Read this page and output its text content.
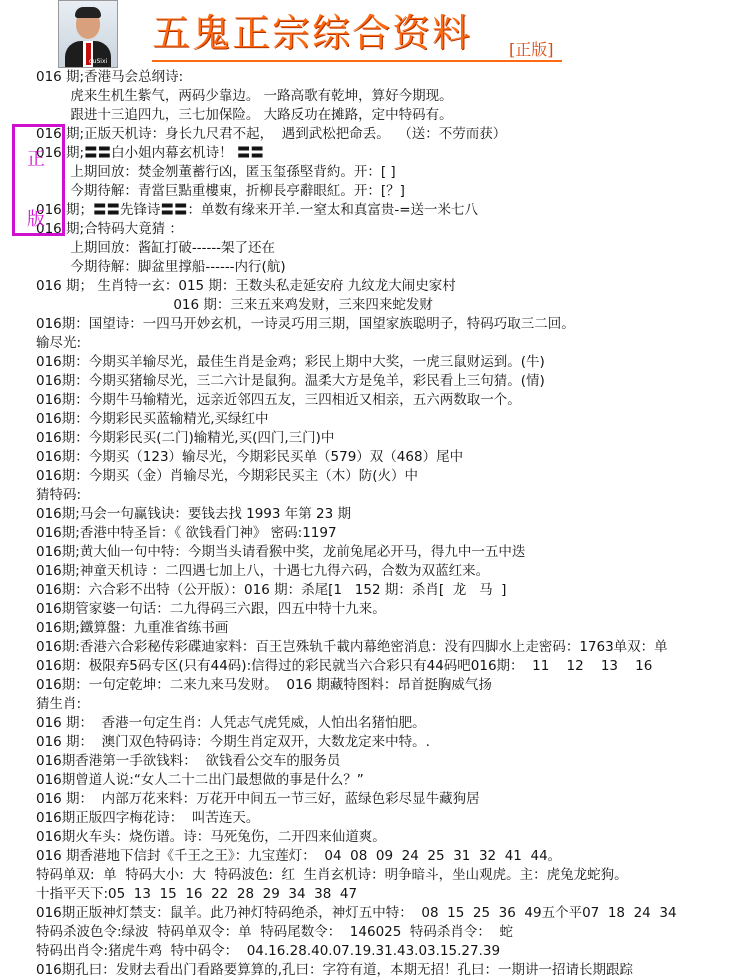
ouSixi
五鬼正宗综合资料 [正版]
016 期;香港马会总纲诗:
虎来生机生紫气，两码少靠边。 一路高歌有乾坤，算好今期现。
跟进十三追四九，三七加保险。 大路反功在摊路，定中特码有。
016 期;正版天机诗：身长九尺君不起，  遇到武松把命丢。  （送：不劳而获）
016 期;〓〓白小姐内幕玄机诗！ 〓〓
上期回放：焚金刎董蓄行凶，匿玉玺孫堅背約。开：[ ]
今期待解：青當巨點重樓東，折柳長亭辭眼紅。开：[？]
016 期；〓〓先锋诗〓〓：单数有缘来开羊.一窒太和真富贵-=送一米七八
016 期;合特码大竟猜 ：
上期回放：酱缸打破------架了还在
今期待解：脚盆里撑船------内行(航)
016 期； 生肖特一玄：015 期：王数头私走延安府 九纹龙大闹史家村
016 期：三来五来鸡发财，三来四来蛇发财
016期：国望诗：一四马开妙玄机，一诗灵巧用三期，国望家族聪明子，特码巧取三二回。
输尽光:
016期：今期买羊输尽光，最佳生肖是金鸡；彩民上期中大奖，一虎三鼠财运到。(牛)
016期：今期买猪输尽光，三二六计是鼠狗。温柔大方是兔羊，彩民看上三句猜。(情)
016期：今期牛马输精光，远亲近邻四五友，三四相近又相亲，五六两数取一个。
016期：今期彩民买蓝输精光,买绿红中
016期：今期彩民买(二门)输精光,买(四门,三门)中
016期：今期买（123）输尽光，今期彩民买单（579）双（468）尾中
016期：今期买（金）肖输尽光，今期彩民买主（木）防(火）中
猜特码:
016期;马会一句赢钱诀：要钱去找 1993 年第 23 期
016期;香港中特圣旨：《 欲钱看门神》 密码:1197
016期;黄大仙一句中特：今期当头请看猴中奖，龙前兔尾必开马，得九中一五中迭
016期;神童天机诗 ：二四遇七加上八，十遇七九得六码，合数为双蓝红来。
016期：六合彩不出特（公开版）：016 期：杀尾[1   152 期：杀肖[  龙   马  ]
016期管家婆一句话：二九得码三六跟，四五中特十九来。
016期;鐵算盤：九重准省练书画
016期:香港六合彩秘传彩碟迪家料：百王岂殊轨千載内幕绝密消息：没有四脚水上走密码：1763单双：单
016期：极限弃5码专区(只有44码):信得过的彩民就当六合彩只有44码吧016期：  11    12    13    16
016期：一句定乾坤：二来九来马发财。  016 期藏特图料：昂首挺胸威气扬
猜生肖:
016 期：  香港一句定生肖：人凭志气虎凭威，人怕出名猪怕肥。
016 期：  澳门双色特码诗：今期生肖定双开，大数龙定来中特。.
016期香港第一手欲钱料：  欲钱看公交车的服务员
016期曾道人说:“女人二十二出门最想做的事是什么？”
016 期：  内部万花来料：万花开中间五一节三好，蓝绿色彩尽显牛藏狗居
016期正版四字梅花诗：  叫苦连天。
016期火车头：烧伤谱。诗：马死兔伤，二开四来仙道爽。
016 期香港地下信封《千王之王》：九宝莲灯：  04  08  09  24  25  31  32  41  44。
特码单双:  单  特码大小:  大  特码波色:  红  生肖玄机诗：明争暗斗，坐山观虎。主：虎兔龙蛇狗。
十指平天下:05  13  15  16  22  28  29  34  38  47
016期正版神灯禁支：鼠羊。此乃神灯特码绝杀，神灯五中特：  08  15  25  36  49五个平07  18  24  34
特码杀波色令:绿波  特码单双令：单  特码尾数令：  146025  特码杀肖令：  蛇
特码出肖令:猪虎牛鸡  特中码令：  04.16.28.40.07.19.31.43.03.15.27.39
016期孔曰：发财去看出门看路要算算的,孔曰：字符有道，本期无招！孔曰：一期讲一招请长期跟踪
正
版
